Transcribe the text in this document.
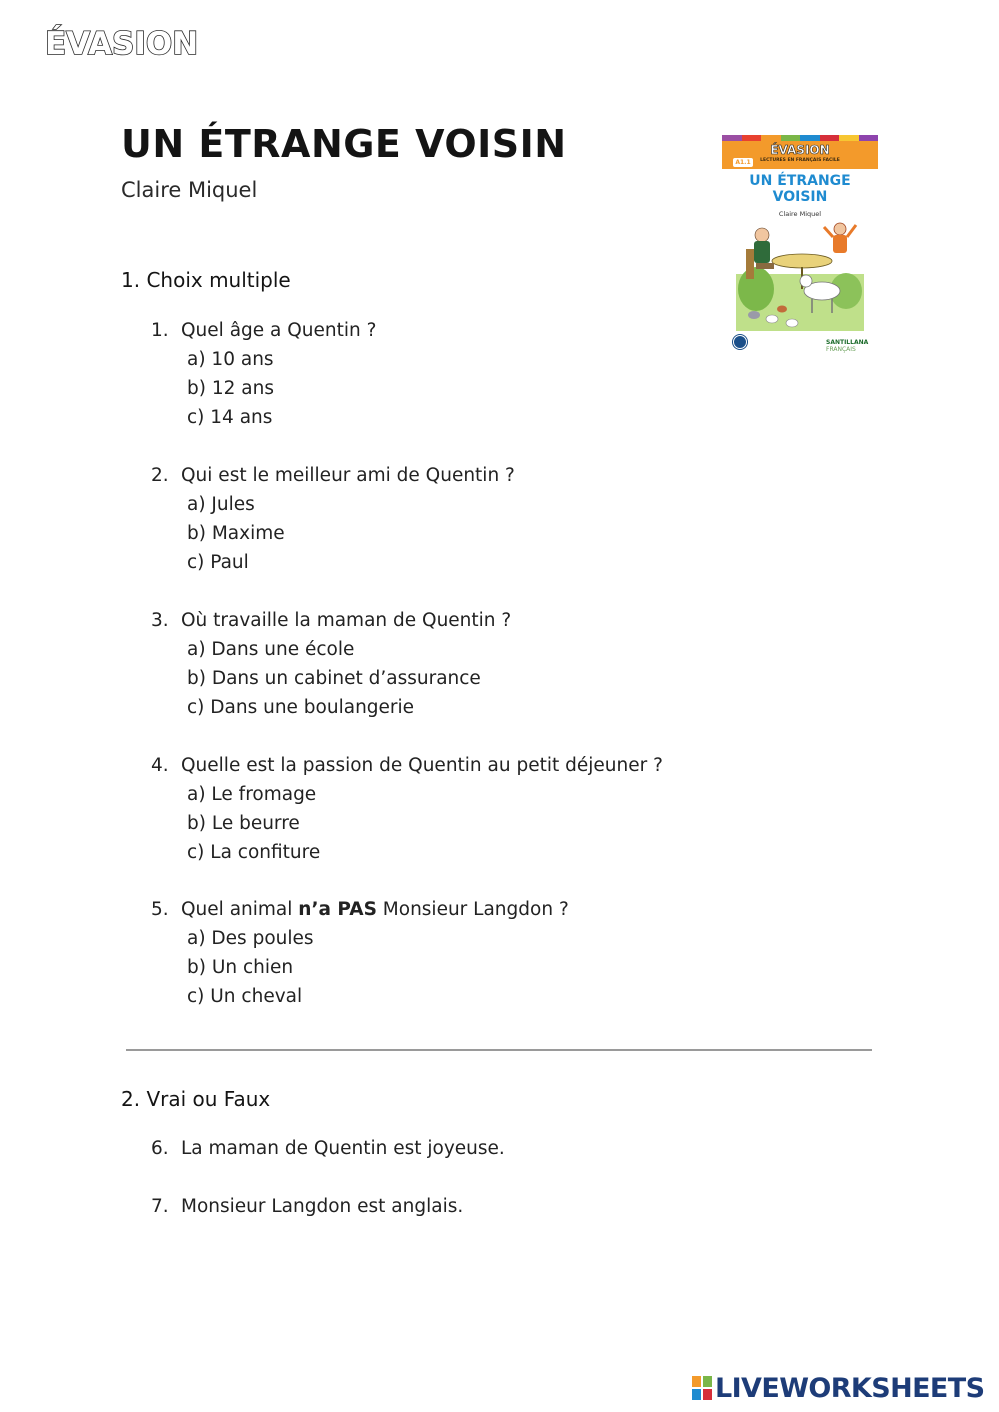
ÉVASION
UN ÉTRANGE VOISIN
Claire Miquel
ÉVASION
A1.1	LECTURES EN FRANÇAIS FACILE
UN ÉTRANGE
VOISIN
Claire Miquel
SANTILLANA
FRANÇAIS
1. Choix multiple
1. Quel âge a Quentin ?
a) 10 ans
b) 12 ans
c) 14 ans
2. Qui est le meilleur ami de Quentin ?
a) Jules
b) Maxime
c) Paul
3. Où travaille la maman de Quentin ?
a) Dans une école
b) Dans un cabinet d’assurance
c) Dans une boulangerie
4. Quelle est la passion de Quentin au petit déjeuner ?
a) Le fromage
b) Le beurre
c) La confiture
5. Quel animal n’a PAS Monsieur Langdon ?
a) Des poules
b) Un chien
c) Un cheval
2. Vrai ou Faux
6. La maman de Quentin est joyeuse.
7. Monsieur Langdon est anglais.
LIVEWORKSHEETS
